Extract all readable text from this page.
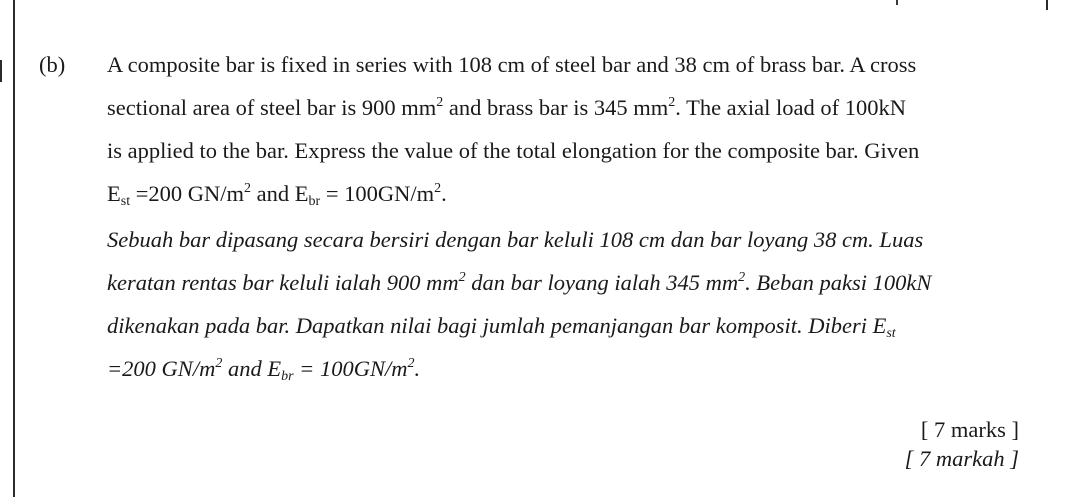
(b) A composite bar is fixed in series with 108 cm of steel bar and 38 cm of brass bar. A cross
sectional area of steel bar is 900 $mm^2$ and brass bar is 345 $mm^2$. The axial load of 100kN
is applied to the bar. Express the value of the total elongation for the composite bar. Given
$E_{st} =200$ $GN/m^2$ and $E_{br} = 100GN/m^2$.
Sebuah bar dipasang secara bersiri dengan bar keluli 108 cm dan bar loyang 38 cm. Luas
keratan rentas bar keluli ialah 900 $mm^2$ dan bar loyang ialah 345 $mm^2$. Beban paksi 100kN
dikenakan pada bar. Dapatkan nilai bagi jumlah pemanjangan bar komposit. Diberi $E_{st}$
=200 $GN/m^2$ and $E_{br} = 100GN/m^2$.
[ 7 marks ]
[ 7 markah ]
